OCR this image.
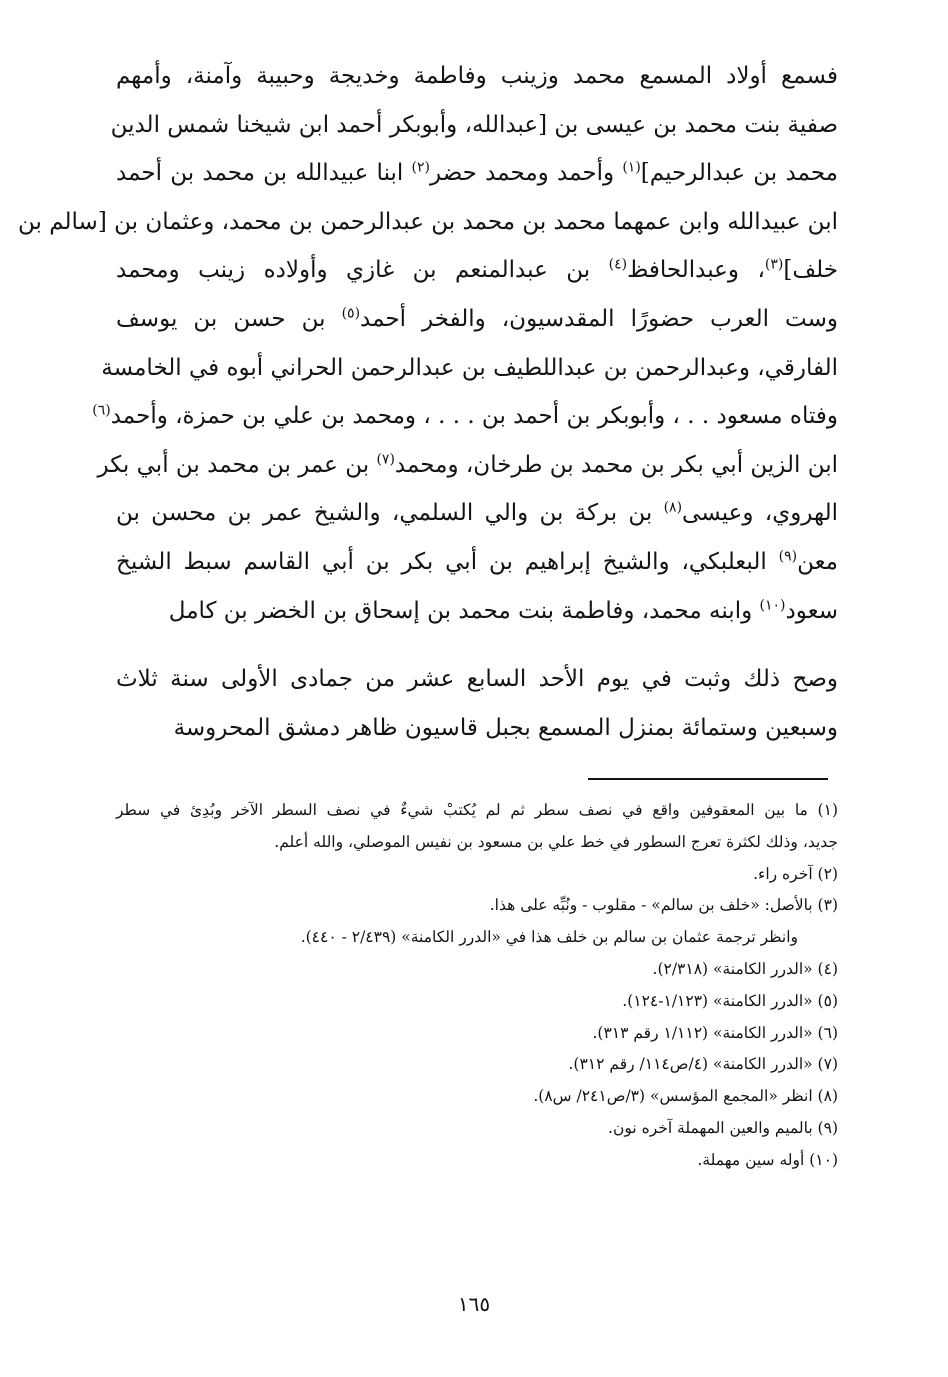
فسمع أولاد المسمع محمد وزينب وفاطمة وخديجة وحبيبة وآمنة، وأمهم
صفية بنت محمد بن عيسى بن [عبدالله، وأبوبكر أحمد ابن شيخنا شمس الدين
محمد بن عبدالرحيم]$^{(١)}$ وأحمد ومحمد حضر$^{(٢)}$ ابنا عبيدالله بن محمد بن أحمد
ابن عبيدالله وابن عمهما محمد بن محمد بن عبدالرحمن بن محمد، وعثمان بن [سالم بن
خلف]$^{(٣)}$، وعبدالحافظ$^{(٤)}$ بن عبدالمنعم بن غازي وأولاده زينب ومحمد
وست العرب حضورًا المقدسيون، والفخر أحمد$^{(٥)}$ بن حسن بن يوسف
الفارقي، وعبدالرحمن بن عبداللطيف بن عبدالرحمن الحراني أبوه في الخامسة
وفتاه مسعود . . ، وأبوبكر بن أحمد بن . . . ، ومحمد بن علي بن حمزة، وأحمد$^{(٦)}$
ابن الزين أبي بكر بن محمد بن طرخان، ومحمد$^{(٧)}$ بن عمر بن محمد بن أبي بكر
الهروي، وعيسى$^{(٨)}$ بن بركة بن والي السلمي، والشيخ عمر بن محسن بن
معن$^{(٩)}$ البعلبكي، والشيخ إبراهيم بن أبي بكر بن أبي القاسم سبط الشيخ
سعود$^{(١٠)}$ وابنه محمد، وفاطمة بنت محمد بن إسحاق بن الخضر بن كامل
وصح ذلك وثبت في يوم الأحد السابع عشر من جمادى الأولى سنة ثلاث
وسبعين وستمائة بمنزل المسمع بجبل قاسيون ظاهر دمشق المحروسة
(١) ما بين المعقوفين واقع في نصف سطر ثم لم يُكتبْ شيءٌ في نصف السطر الآخر وبُدِئ في سطر
جديد، وذلك لكثرة تعرج السطور في خط علي بن مسعود بن نفيس الموصلي، والله أعلم.
(٢) آخره راء.
(٣) بالأصل: «خلف بن سالم» - مقلوب - ونُبِّه على هذا.
وانظر ترجمة عثمان بن سالم بن خلف هذا في «الدرر الكامنة» (٢/٤٣٩ - ٤٤٠).
(٤) «الدرر الكامنة» (٢/٣١٨).
(٥) «الدرر الكامنة» (١/١٢٣-١٢٤).
(٦) «الدرر الكامنة» (١/١١٢ رقم ٣١٣).
(٧) «الدرر الكامنة» (٤/ص١١٤/ رقم ٣١٢).
(٨) انظر «المجمع المؤسس» (٣/ص٢٤١/ س٨).
(٩) بالميم والعين المهملة آخره نون.
(١٠) أوله سين مهملة.
١٦٥
